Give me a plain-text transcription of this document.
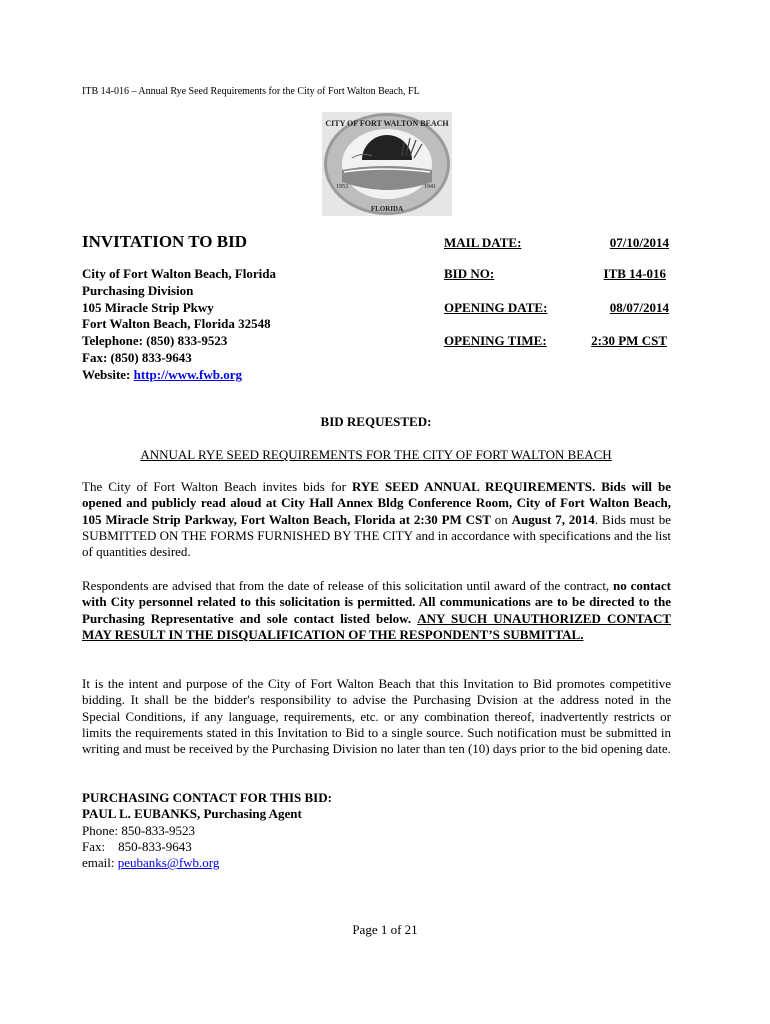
ITB 14-016 – Annual Rye Seed Requirements for the City of Fort Walton Beach, FL
CITY OF FORT WALTON BEACH
FLORIDA
1953	1941
INVITATION TO BID
City of Fort Walton Beach, Florida
Purchasing Division
105 Miracle Strip Pkwy
Fort Walton Beach, Florida 32548
Telephone: (850) 833-9523
Fax: (850) 833-9643
Website: http://www.fwb.org
MAIL DATE:	07/10/2014
BID NO:	ITB 14-016
OPENING DATE:	08/07/2014
OPENING TIME:	2:30 PM CST
BID REQUESTED:
ANNUAL RYE SEED REQUIREMENTS FOR THE CITY OF FORT WALTON BEACH
The City of Fort Walton Beach invites bids for RYE SEED ANNUAL REQUIREMENTS. Bids will be opened and publicly read aloud at City Hall Annex Bldg Conference Room, City of Fort Walton Beach, 105 Miracle Strip Parkway, Fort Walton Beach, Florida at 2:30 PM CST on August 7, 2014. Bids must be SUBMITTED ON THE FORMS FURNISHED BY THE CITY and in accordance with specifications and the list of quantities desired.
Respondents are advised that from the date of release of this solicitation until award of the contract, no contact with City personnel related to this solicitation is permitted. All communications are to be directed to the Purchasing Representative and sole contact listed below. ANY SUCH UNAUTHORIZED CONTACT MAY RESULT IN THE DISQUALIFICATION OF THE RESPONDENT’S SUBMITTAL.
It is the intent and purpose of the City of Fort Walton Beach that this Invitation to Bid promotes competitive bidding. It shall be the bidder's responsibility to advise the Purchasing Dvision at the address noted in the Special Conditions, if any language, requirements, etc. or any combination thereof, inadvertently restricts or limits the requirements stated in this Invitation to Bid to a single source. Such notification must be submitted in writing and must be received by the Purchasing Division no later than ten (10) days prior to the bid opening date.
PURCHASING CONTACT FOR THIS BID:
PAUL L. EUBANKS, Purchasing Agent
Phone: 850-833-9523
Fax:    850-833-9643
email: peubanks@fwb.org
Page 1 of 21
